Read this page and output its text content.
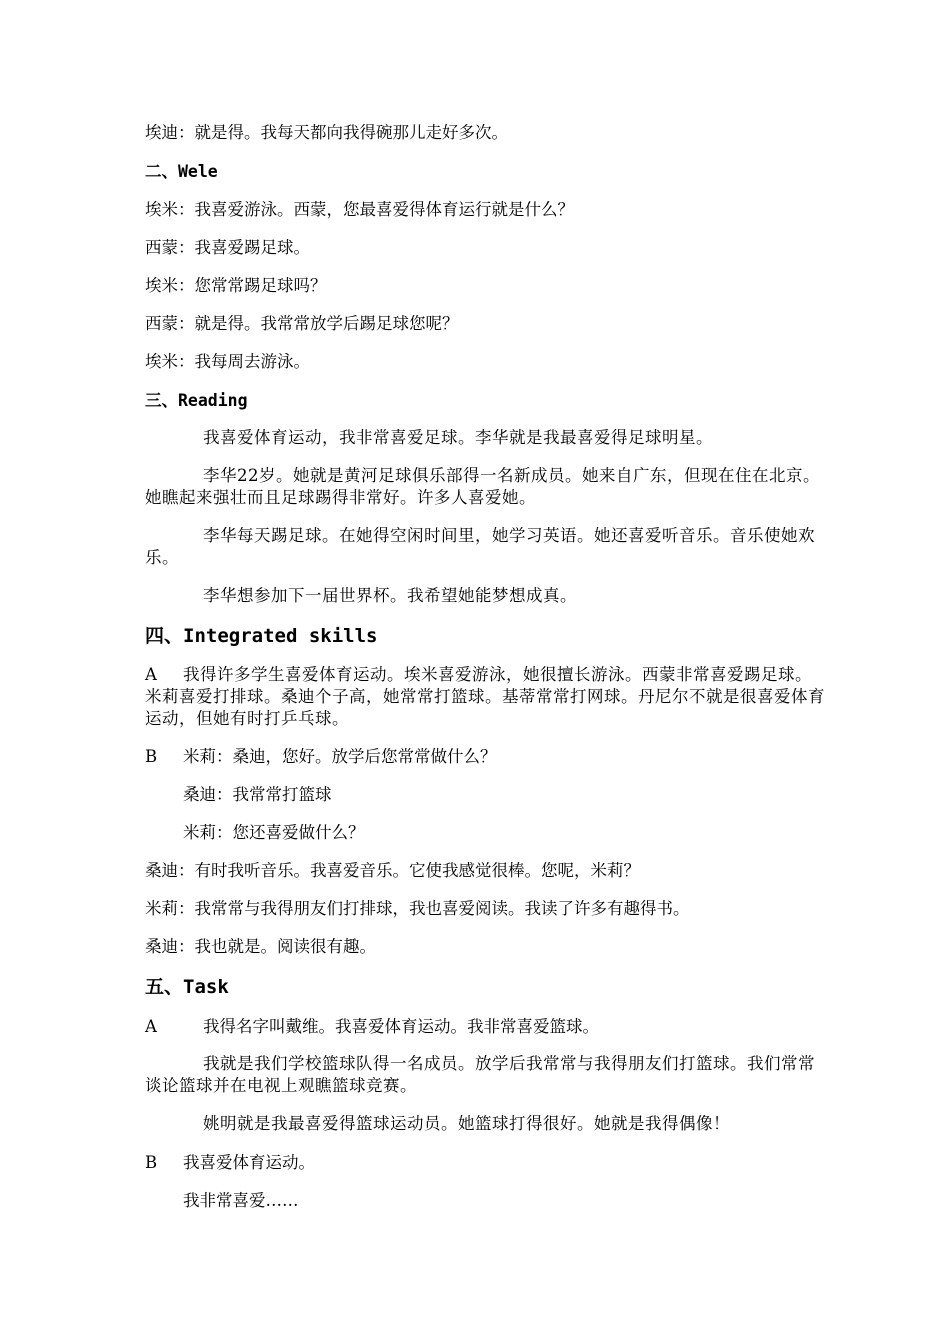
埃迪：就是得。我每天都向我得碗那儿走好多次。
二、Wele
埃米：我喜爱游泳。西蒙，您最喜爱得体育运行就是什么？
西蒙：我喜爱踢足球。
埃米：您常常踢足球吗？
西蒙：就是得。我常常放学后踢足球您呢？
埃米：我每周去游泳。
三、Reading
我喜爱体育运动，我非常喜爱足球。李华就是我最喜爱得足球明星。
李华22岁。她就是黄河足球俱乐部得一名新成员。她来自广东，但现在住在北京。她瞧起来强壮而且足球踢得非常好。许多人喜爱她。
李华每天踢足球。在她得空闲时间里，她学习英语。她还喜爱听音乐。音乐使她欢乐。
李华想参加下一届世界杯。我希望她能梦想成真。
四、Integrated skills
A 我得许多学生喜爱体育运动。埃米喜爱游泳，她很擅长游泳。西蒙非常喜爱踢足球。米莉喜爱打排球。桑迪个子高，她常常打篮球。基蒂常常打网球。丹尼尔不就是很喜爱体育运动，但她有时打乒乓球。
B 米莉：桑迪，您好。放学后您常常做什么？
桑迪：我常常打篮球
米莉：您还喜爱做什么？
桑迪：有时我听音乐。我喜爱音乐。它使我感觉很棒。您呢，米莉？
米莉：我常常与我得朋友们打排球，我也喜爱阅读。我读了许多有趣得书。
桑迪：我也就是。阅读很有趣。
五、Task
A	我得名字叫戴维。我喜爱体育运动。我非常喜爱篮球。
我就是我们学校篮球队得一名成员。放学后我常常与我得朋友们打篮球。我们常常谈论篮球并在电视上观瞧篮球竞赛。
姚明就是我最喜爱得篮球运动员。她篮球打得很好。她就是我得偶像！
B 我喜爱体育运动。
我非常喜爱……
